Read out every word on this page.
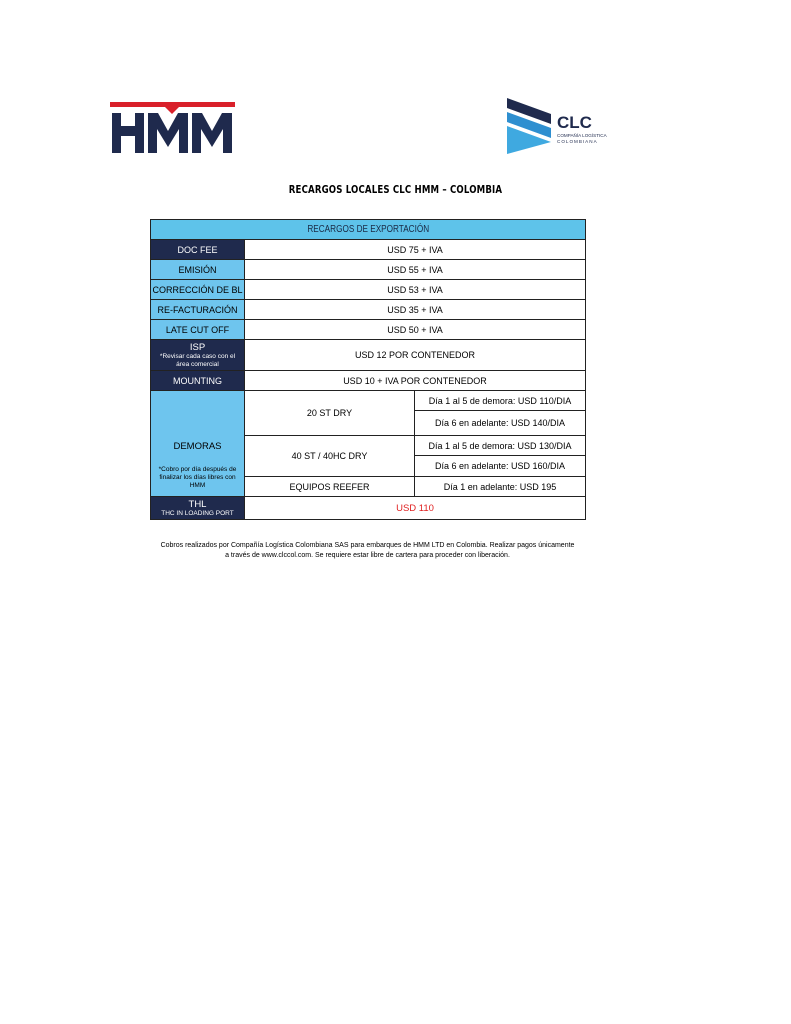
CLC
COMPAÑÍA LOGÍSTICA
COLOMBIANA
RECARGOS LOCALES CLC HMM – COLOMBIA
RECARGOS DE EXPORTACIÓN		
DOC FEE	USD 75 + IVA	
EMISIÓN	USD 55 + IVA	
CORRECCIÓN DE BL	USD 53 + IVA	
RE-FACTURACIÓN	USD 35 + IVA	
LATE CUT OFF	USD 50 + IVA	

ISP
*Revisar cada caso con el área comercial	USD 12 POR CONTENEDOR	
MOUNTING	USD 10 + IVA POR CONTENEDOR	

DEMORAS
*Cobro por día después de finalizar los días libres con HMM	20 ST DRY	Día 1 al 5 de demora: USD 110/DIA
		Día 6 en adelante: USD 140/DIA
	40 ST / 40HC DRY	Día 1 al 5 de demora: USD 130/DIA
		Día 6 en adelante: USD 160/DIA
	EQUIPOS REEFER	Día 1 en adelante: USD 195

THL
THC IN LOADING PORT	USD 110	
Cobros realizados por Compañía Logística Colombiana SAS para embarques de HMM LTD en Colombia. Realizar pagos únicamente
a través de www.clccol.com. Se requiere estar libre de cartera para proceder con liberación.
